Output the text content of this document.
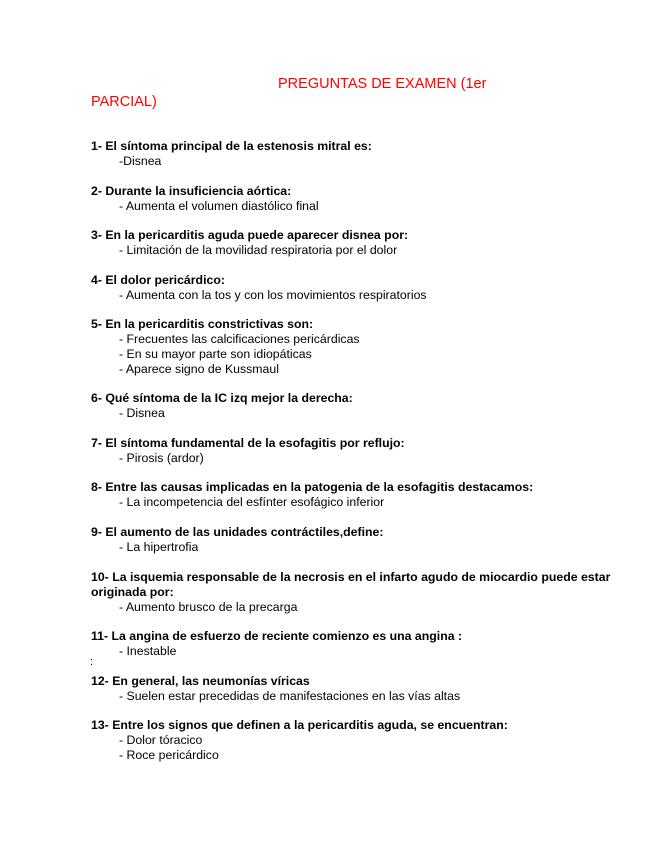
PREGUNTAS DE EXAMEN (1er
PARCIAL)
1- El síntoma principal de la estenosis mitral es:
-Disnea
2- Durante la insuficiencia aórtica:
- Aumenta el volumen diastólico final
3- En la pericarditis aguda puede aparecer disnea por:
- Limitación de la movilidad respiratoria por el dolor
4- El dolor pericárdico:
- Aumenta con la tos y con los movimientos respiratorios
5- En la pericarditis constrictivas son:
- Frecuentes las calcificaciones pericárdicas
- En su mayor parte son idiopáticas
- Aparece signo de Kussmaul
6- Qué síntoma de la IC izq mejor la derecha:
- Disnea
7- El síntoma fundamental de la esofagitis por reflujo:
- Pirosis (ardor)
8- Entre las causas implicadas en la patogenia de la esofagitis destacamos:
- La incompetencia del esfínter esofágico inferior
9- El aumento de las unidades contráctiles,define:
- La hipertrofia
10- La isquemia responsable de la necrosis en el infarto agudo de miocardio puede estar originada por:
- Aumento brusco de la precarga
11- La angina de esfuerzo de reciente comienzo es una angina :
- Inestable
12- En general, las neumonías víricas
- Suelen estar precedidas de manifestaciones en las vías altas
13- Entre los signos que definen a la pericarditis aguda, se encuentran:
- Dolor tóracico
- Roce pericárdico
:
